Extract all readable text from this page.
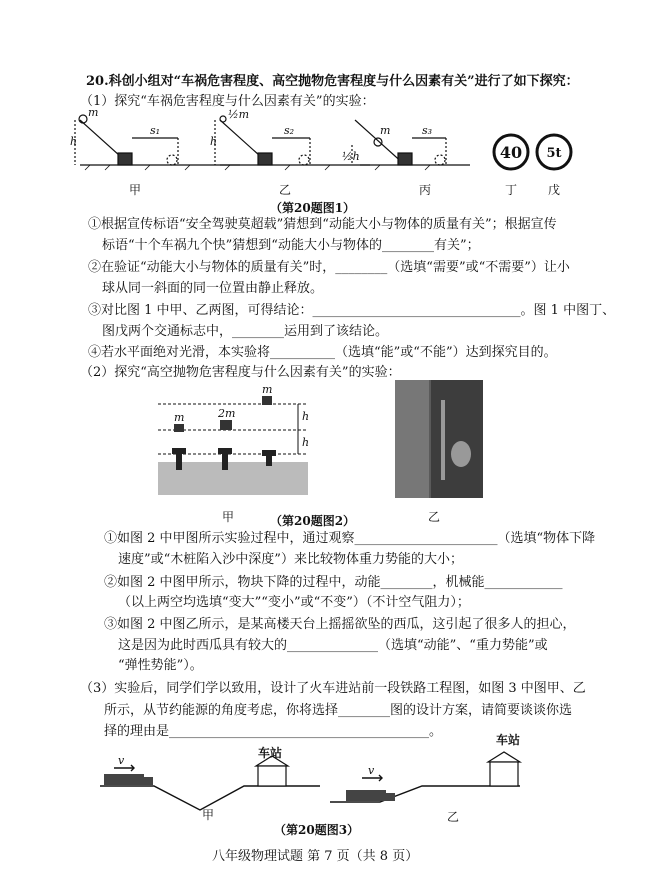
20.科创小组对“车祸危害程度、高空抛物危害程度与什么因素有关”进行了如下探究：
（1）探究“车祸危害程度与什么因素有关”的实验：
m
h
s₁
½m
h
s₂	m
½h
s₃
40 5t
甲	乙	丙	丁	戊
（第20题图1）
①根据宣传标语“安全驾驶莫超载”猜想到“动能大小与物体的质量有关”；根据宣传
标语“十个车祸九个快”猜想到“动能大小与物体的________有关”；
②在验证“动能大小与物体的质量有关”时，________（选填“需要”或“不需要”）让小
球从同一斜面的同一位置由静止释放。
③对比图 1 中甲、乙两图，可得结论：________________________________。图 1 中图丁、
图戊两个交通标志中，________运用到了该结论。
④若水平面绝对光滑，本实验将__________（选填“能”或“不能”）达到探究目的。
（2）探究“高空抛物危害程度与什么因素有关”的实验：
m
m	2m	h
h
甲	乙
（第20题图2）
①如图 2 中甲图所示实验过程中，通过观察______________________（选填“物体下降
速度”或“木桩陷入沙中深度”）来比较物体重力势能的大小；
②如图 2 中图甲所示，物块下降的过程中，动能________，机械能____________
（以上两空均选填“变大”“变小”或“不变”）（不计空气阻力）；
③如图 2 中图乙所示，是某高楼天台上摇摇欲坠的西瓜，这引起了很多人的担心，
这是因为此时西瓜具有较大的______________（选填“动能”、“重力势能”或
“弹性势能”）。
（3）实验后，同学们学以致用，设计了火车进站前一段铁路工程图，如图 3 中图甲、乙
所示，从节约能源的角度考虑，你将选择________图的设计方案，请简要谈谈你选
择的理由是________________________________________。
v
v
车站
车站
甲	乙
（第20题图3）
八年级物理试题 第 7 页（共 8 页）
